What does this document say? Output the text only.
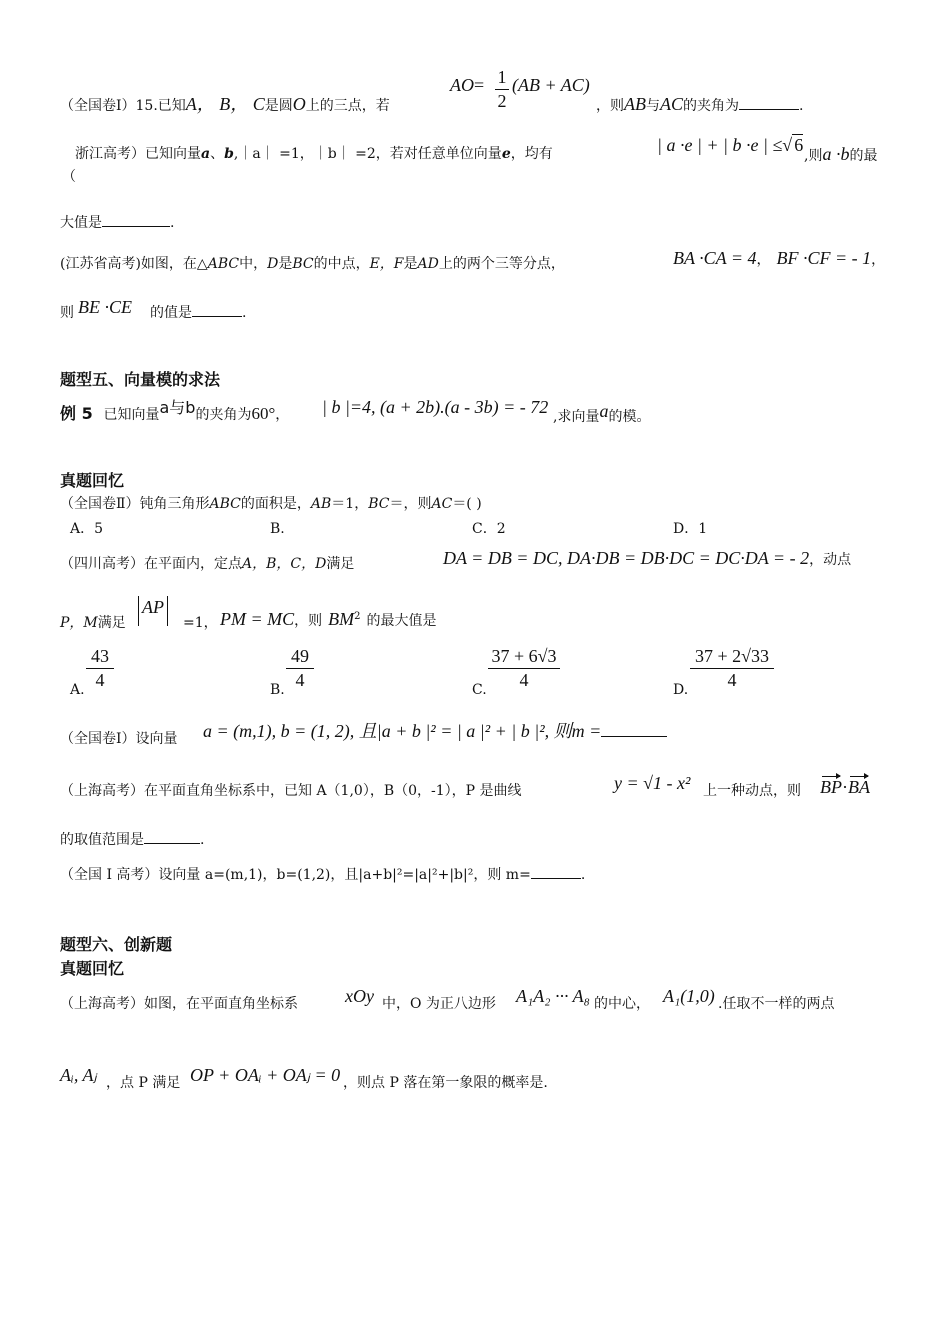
（全国卷Ⅰ）15.已知A， B， C是圆O上的三点，若
$AO= \frac{1}{2} (AB + AC)$
，则AB与AC的夹角为	.
浙江高考）已知向量a、b,｜a｜ =1，｜b｜ =2，若对任意单位向量e，均有	| a ·e | + | b ·e | ≤√ 6
,则a ·b的最
（
大值是	.
(江苏省高考)如图，在△ABC中，D是BC的中点，E，F是AD上的两个三等分点，	BA ·CA = 4， BF ·CF = - 1，
则 BE ·CE 的值是	.
题型五、向量模的求法
例 5 已知向量a与b的夹角为60°， | b |=4, (a + 2b).(a - 3b) = - 72 ,求向量a的模。
真题回忆
（全国卷Ⅱ）钝角三角形ABC的面积是，AB＝1，BC＝，则AC＝( )
A．5	B.	C．2	D．1
（四川高考）在平面内，定点A，B，C，D满足	DA = DB = DC, DA·DB = DB·DC = DC·DA = - 2，动点
P，M满足
AP
=1， PM = MC，则 $BM^2$ 的最大值是
A. $\frac{43}{4}$	B. $\frac{49}{4}$	C. $\frac{37 + 6√3}{4}$	D. $\frac{37 + 2√33}{4}$
（全国卷Ⅰ）设向量 a = (m,1), b = (1, 2), 且|a + b |² = | a |² + | b |², 则m =
（上海高考）在平面直角坐标系中，已知 A（1,0），B（0，-1），P 是曲线	y = √1 - x² 上一种动点，则 BP·BA
的取值范围是	.
（全国 I 高考）设向量 a=(m,1)，b=(1,2)，且|a+b|²=|a|²+|b|²，则 m=	.
题型六、创新题
真题回忆
（上海高考）如图，在平面直角坐标系	xOy 中，O 为正八边形 A₁A₂ ··· A₈ 的中心， A₁(1,0) .任取不一样的两点
Aᵢ, Aⱼ ，点 P 满足 OP + OAᵢ + OAⱼ = 0 ，则点 P 落在第一象限的概率是.
